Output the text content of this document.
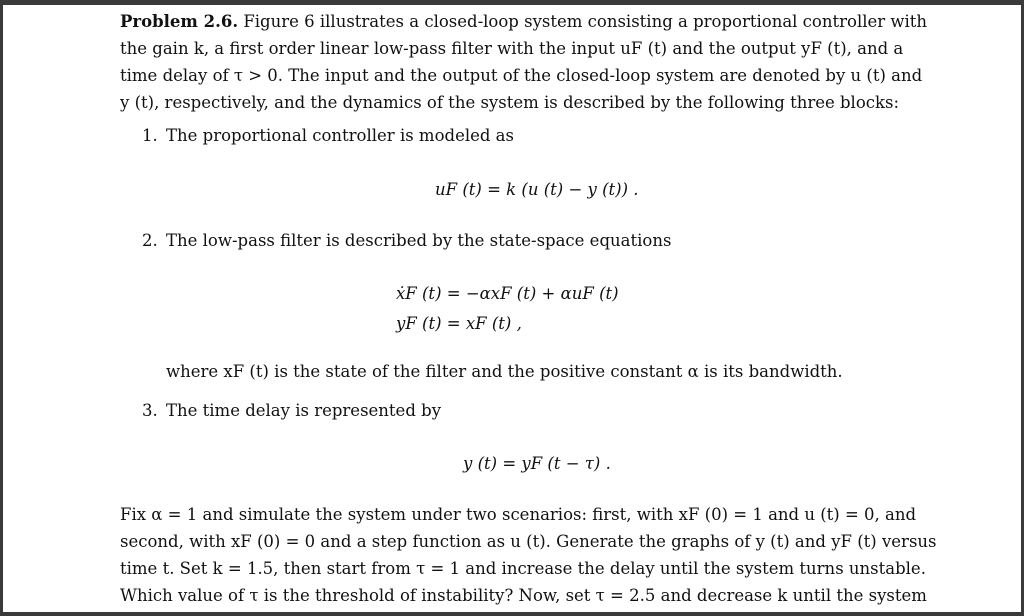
Problem 2.6. Figure 6 illustrates a closed-loop system consisting a proportional controller with
the gain k, a first order linear low-pass filter with the input uF (t) and the output yF (t), and a
time delay of τ > 0. The input and the output of the closed-loop system are denoted by u (t) and
y (t), respectively, and the dynamics of the system is described by the following three blocks:
1. The proportional controller is modeled as
uF (t) = k (u (t) − y (t)) .
2. The low-pass filter is described by the state-space equations
ẋF (t) = −αxF (t) + αuF (t)
yF (t) = xF (t) ,
where xF (t) is the state of the filter and the positive constant α is its bandwidth.
3. The time delay is represented by
y (t) = yF (t − τ) .
Fix α = 1 and simulate the system under two scenarios: first, with xF (0) = 1 and u (t) = 0, and
second, with xF (0) = 0 and a step function as u (t). Generate the graphs of y (t) and yF (t) versus
time t. Set k = 1.5, then start from τ = 1 and increase the delay until the system turns unstable.
Which value of τ is the threshold of instability? Now, set τ = 2.5 and decrease k until the system
